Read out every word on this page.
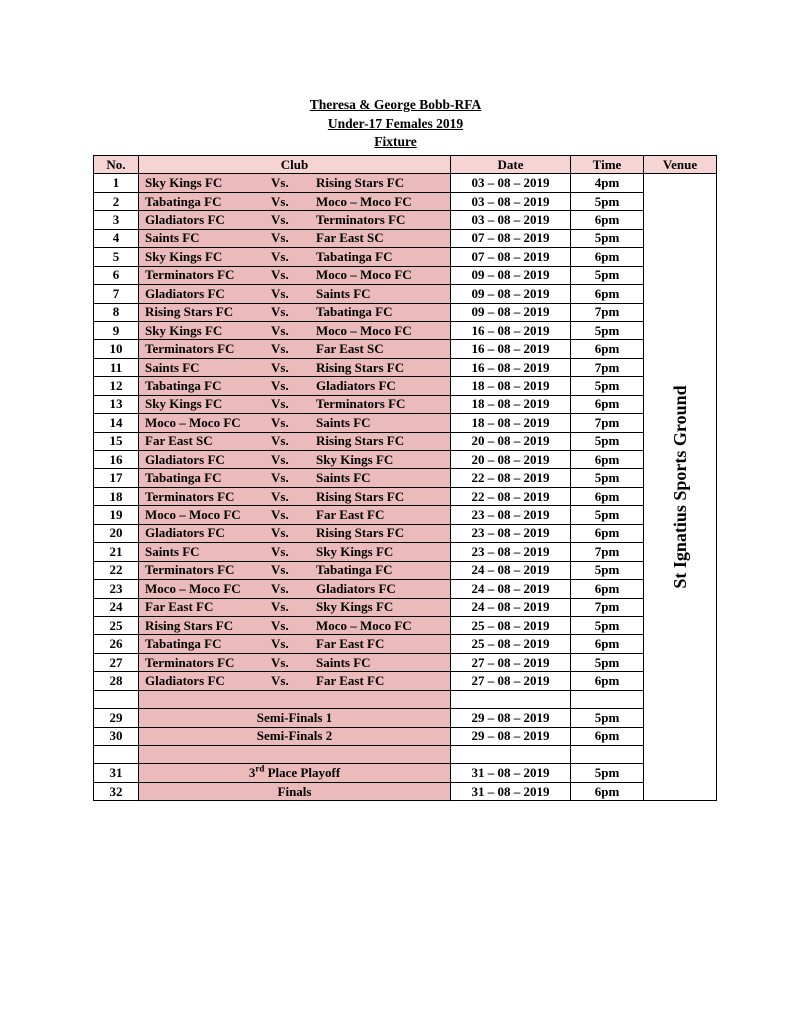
Theresa & George Bobb-RFA
Under-17 Females 2019
Fixture
No.	Club	Date	Time	Venue
1	Sky Kings FC Vs. Rising Stars FC	03 – 08 – 2019	4pm	St Ignatius Sports Ground

2	Tabatinga FC Vs. Moco – Moco FC	03 – 08 – 2019	5pm	
3	Gladiators FC Vs. Terminators FC	03 – 08 – 2019	6pm	
4	Saints FC Vs. Far East SC	07 – 08 – 2019	5pm	
5	Sky Kings FC Vs. Tabatinga FC	07 – 08 – 2019	6pm	
6	Terminators FC Vs. Moco – Moco FC	09 – 08 – 2019	5pm	
7	Gladiators FC Vs. Saints FC	09 – 08 – 2019	6pm	
8	Rising Stars FC Vs. Tabatinga FC	09 – 08 – 2019	7pm	
9	Sky Kings FC Vs. Moco – Moco FC	16 – 08 – 2019	5pm	
10	Terminators FC Vs. Far East SC	16 – 08 – 2019	6pm	
11	Saints FC Vs. Rising Stars FC	16 – 08 – 2019	7pm	
12	Tabatinga FC Vs. Gladiators FC	18 – 08 – 2019	5pm	
13	Sky Kings FC Vs. Terminators FC	18 – 08 – 2019	6pm	
14	Moco – Moco FC Vs. Saints FC	18 – 08 – 2019	7pm	
15	Far East SC Vs. Rising Stars FC	20 – 08 – 2019	5pm	
16	Gladiators FC Vs. Sky Kings FC	20 – 08 – 2019	6pm	
17	Tabatinga FC Vs. Saints FC	22 – 08 – 2019	5pm	
18	Terminators FC Vs. Rising Stars FC	22 – 08 – 2019	6pm	
19	Moco – Moco FC Vs. Far East FC	23 – 08 – 2019	5pm	
20	Gladiators FC Vs. Rising Stars FC	23 – 08 – 2019	6pm	
21	Saints FC Vs. Sky Kings FC	23 – 08 – 2019	7pm	
22	Terminators FC Vs. Tabatinga FC	24 – 08 – 2019	5pm	
23	Moco – Moco FC Vs. Gladiators FC	24 – 08 – 2019	6pm	
24	Far East FC Vs. Sky Kings FC	24 – 08 – 2019	7pm	
25	Rising Stars FC Vs. Moco – Moco FC	25 – 08 – 2019	5pm	
26	Tabatinga FC Vs. Far East FC	25 – 08 – 2019	6pm	
27	Terminators FC Vs. Saints FC	27 – 08 – 2019	5pm	
28	Gladiators FC Vs. Far East FC	27 – 08 – 2019	6pm	

29	Semi-Finals 1	29 – 08 – 2019	5pm	
30	Semi-Finals 2	29 – 08 – 2019	6pm	

31	3rd Place Playoff	31 – 08 – 2019	5pm	
32	Finals	31 – 08 – 2019	6pm	
